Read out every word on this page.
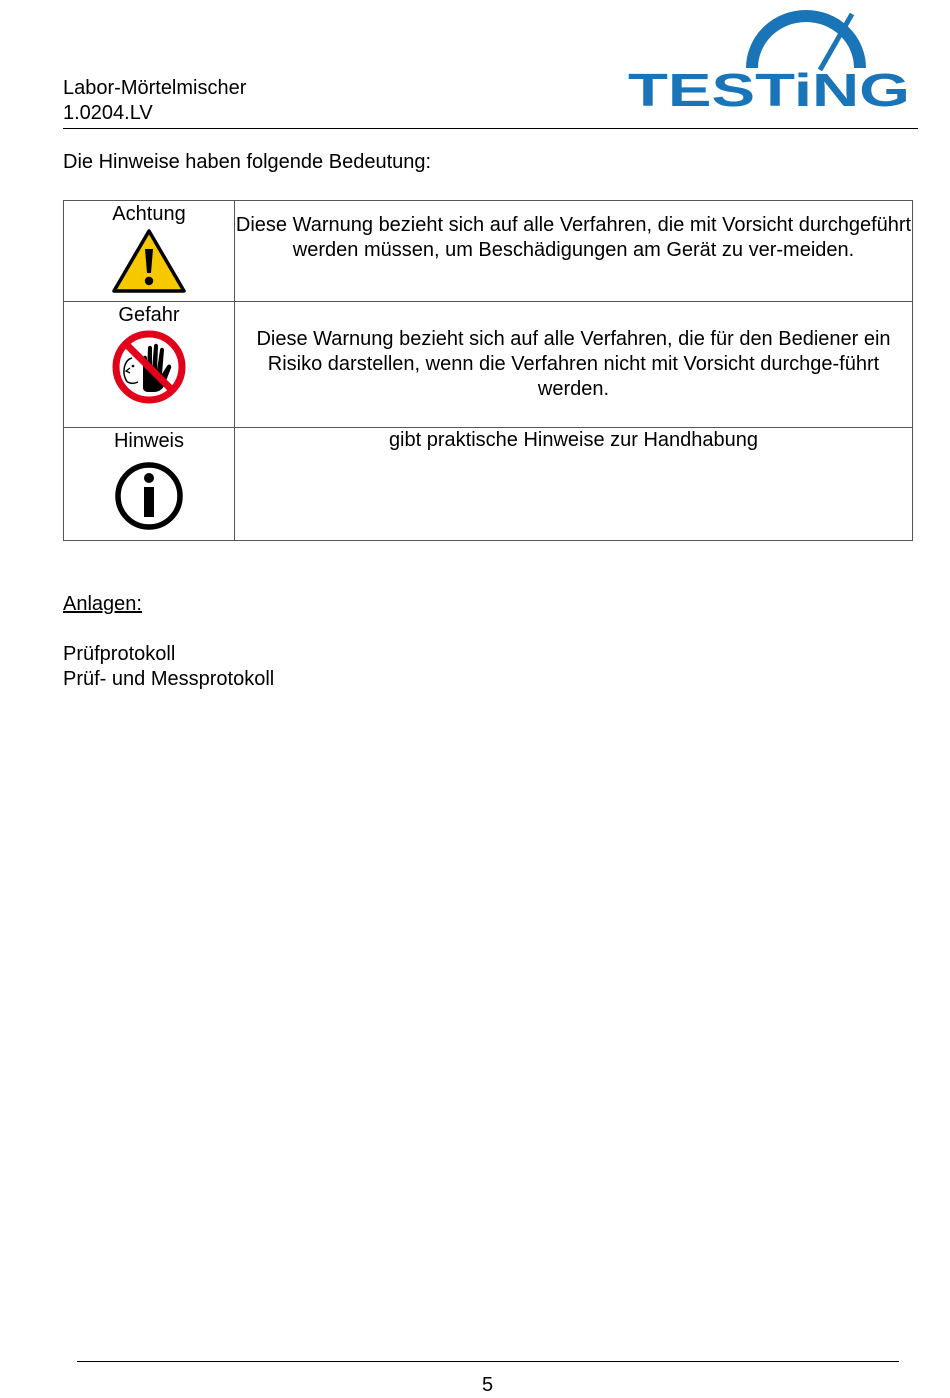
Labor-Mörtelmischer
1.0204.LV	TESTiNG
Die Hinweise haben folgende Bedeutung:
Achtung	Diese Warnung bezieht sich auf alle Verfahren, die mit Vorsicht durchgeführt werden müssen, um Beschädigungen am Gerät zu ver-meiden.

Gefahr	Diese Warnung bezieht sich auf alle Verfahren, die für den Bediener ein Risiko darstellen, wenn die Verfahren nicht mit Vorsicht durchge-führt werden.

Hinweis	gibt praktische Hinweise zur Handhabung
Anlagen:
Prüfprotokoll
Prüf- und Messprotokoll
5
